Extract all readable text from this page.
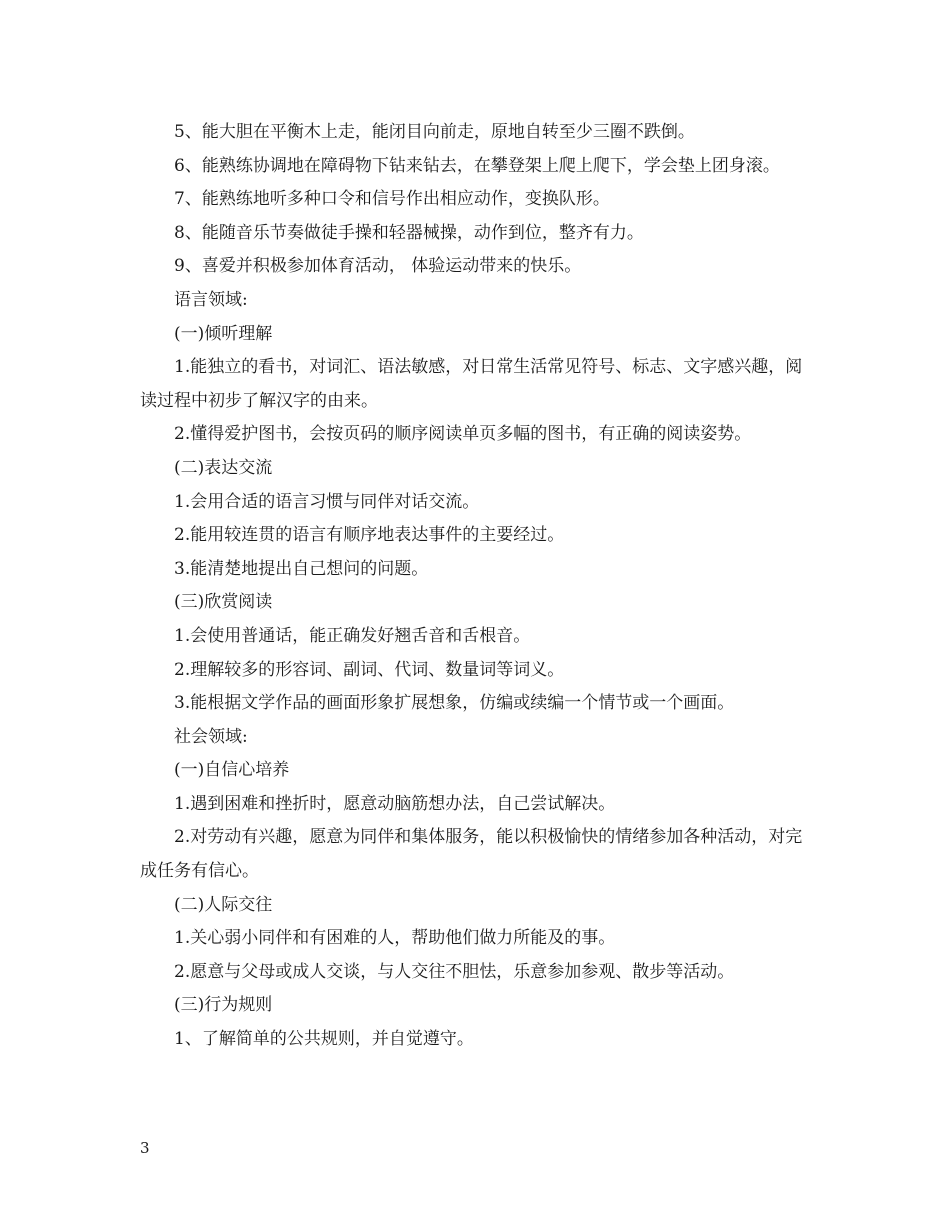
5、能大胆在平衡木上走，能闭目向前走，原地自转至少三圈不跌倒。

6、能熟练协调地在障碍物下钻来钻去，在攀登架上爬上爬下，学会垫上团身滚。

7、能熟练地听多种口令和信号作出相应动作，变换队形。

8、能随音乐节奏做徒手操和轻器械操，动作到位，整齐有力。

9、喜爱并积极参加体育活动， 体验运动带来的快乐。

语言领域:

(一)倾听理解

1.能独立的看书，对词汇、语法敏感，对日常生活常见符号、标志、文字感兴趣，阅读过程中初步了解汉字的由来。

2.懂得爱护图书，会按页码的顺序阅读单页多幅的图书，有正确的阅读姿势。

(二)表达交流

1.会用合适的语言习惯与同伴对话交流。

2.能用较连贯的语言有顺序地表达事件的主要经过。

3.能清楚地提出自己想问的问题。

(三)欣赏阅读

1.会使用普通话，能正确发好翘舌音和舌根音。

2.理解较多的形容词、副词、代词、数量词等词义。

3.能根据文学作品的画面形象扩展想象，仿编或续编一个情节或一个画面。

社会领域:

(一)自信心培养

1.遇到困难和挫折时，愿意动脑筋想办法，自己尝试解决。

2.对劳动有兴趣，愿意为同伴和集体服务，能以积极愉快的情绪参加各种活动，对完成任务有信心。

(二)人际交往

1.关心弱小同伴和有困难的人，帮助他们做力所能及的事。

2.愿意与父母或成人交谈，与人交往不胆怯，乐意参加参观、散步等活动。

(三)行为规则

1、了解简单的公共规则，并自觉遵守。

3
